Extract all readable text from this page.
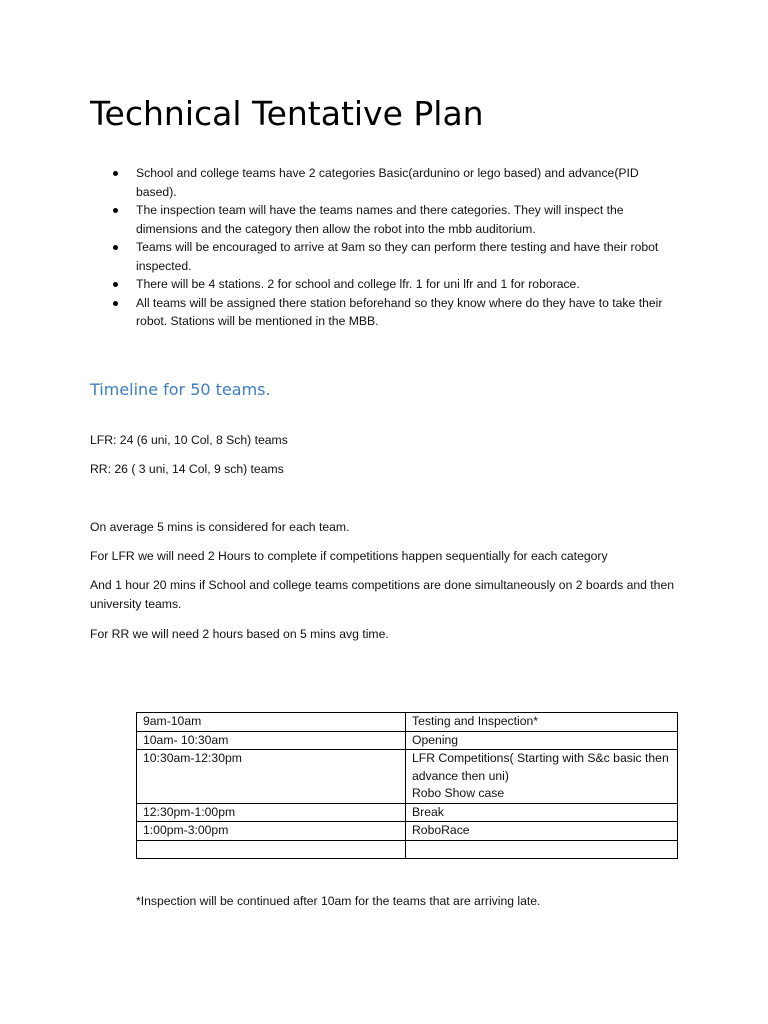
Technical Tentative Plan
School and college teams have 2 categories Basic(ardunino or lego based) and advance(PID based).
The inspection team will have the teams names and there categories. They will inspect the dimensions and the category then allow the robot into the mbb auditorium.
Teams will be encouraged to arrive at 9am so they can perform there testing and have their robot inspected.
There will be 4 stations. 2 for school and college lfr. 1 for uni lfr and 1 for roborace.
All teams will be assigned there station beforehand so they know where do they have to take their robot. Stations will be mentioned in the MBB.
Timeline for 50 teams.

LFR: 24 (6 uni, 10 Col, 8 Sch) teams

RR: 26 ( 3 uni, 14 Col, 9 sch) teams

On average 5 mins is considered for each team.

For LFR we will need 2 Hours to complete if competitions happen sequentially for each category

And 1 hour 20 mins if School and college teams competitions are done simultaneously on 2 boards and then university teams.

For RR we will need 2 hours based on 5 mins avg time.

9am-10am	Testing and Inspection*
10am- 10:30am	Opening
10:30am-12:30pm	LFR Competitions( Starting with S&c basic then advance then uni)
Robo Show case

12:30pm-1:00pm	Break
1:00pm-3:00pm	RoboRace

*Inspection will be continued after 10am for the teams that are arriving late.
